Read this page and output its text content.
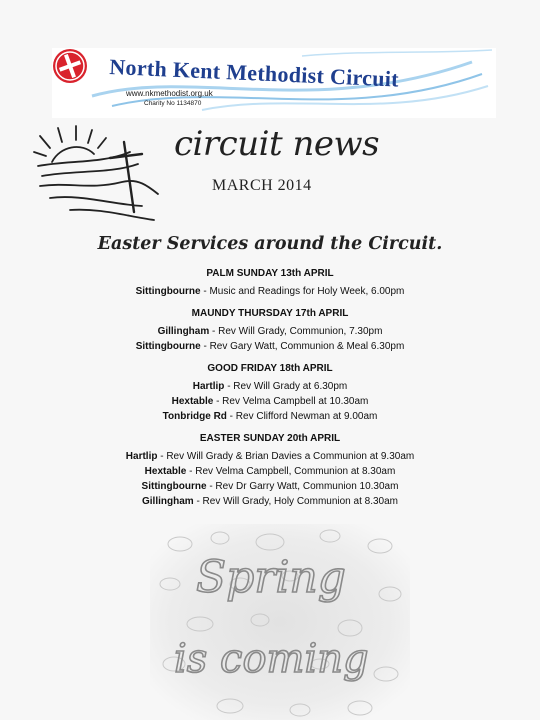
North Kent Methodist Circuit
www.nkmethodist.org.uk
Charity No 1134870
circuit news
MARCH 2014
Easter Services around the Circuit.
PALM SUNDAY 13th APRIL
Sittingbourne - Music and Readings for Holy Week, 6.00pm
MAUNDY THURSDAY 17th APRIL
Gillingham - Rev Will Grady, Communion, 7.30pm
Sittingbourne - Rev Gary Watt, Communion & Meal 6.30pm
GOOD FRIDAY 18th APRIL
Hartlip - Rev Will Grady at 6.30pm
Hextable - Rev Velma Campbell at 10.30am
Tonbridge Rd - Rev Clifford Newman at 9.00am
EASTER SUNDAY 20th APRIL
Hartlip - Rev Will Grady & Brian Davies a Communion at 9.30am
Hextable - Rev Velma Campbell, Communion at 8.30am
Sittingbourne - Rev Dr Garry Watt, Communion 10.30am
Gillingham - Rev Will Grady, Holy Communion at 8.30am
Spring
is coming
